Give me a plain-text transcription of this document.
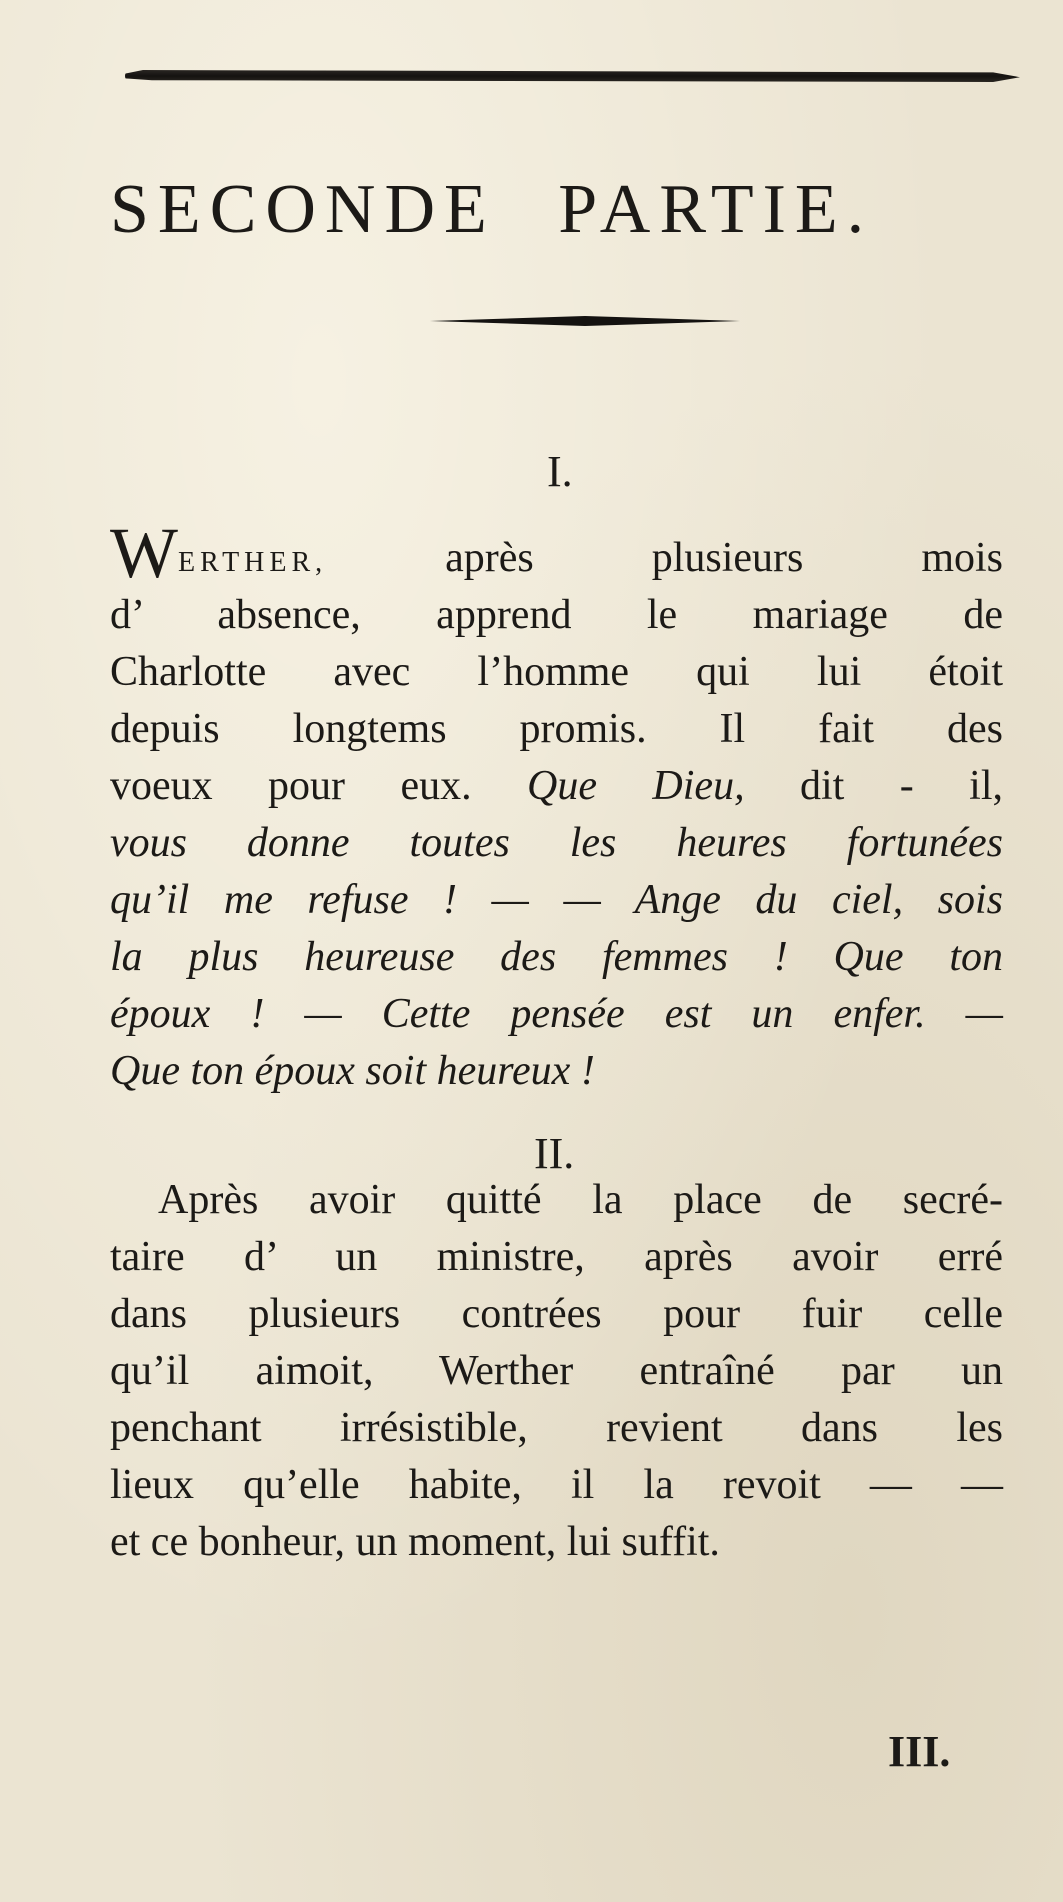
SECONDE PARTIE.
I.
WERTHER,	après plusieurs mois
d’ absence, apprend le mariage de
Charlotte avec l’homme qui lui étoit
depuis longtems promis. Il fait des
voeux pour eux. Que Dieu, dit - il,
vous donne toutes les heures fortunées
qu’il me refuse ! — — Ange du ciel, sois
la plus heureuse des femmes ! Que ton
époux ! — Cette pensée est un enfer. —
Que ton époux soit heureux !
II.
Après avoir quitté la place de secré-
taire d’ un ministre, après avoir erré
dans plusieurs contrées pour fuir celle
qu’il aimoit, Werther entraîné par un
penchant irrésistible, revient dans les
lieux qu’elle habite, il la revoit — —
et ce bonheur, un moment, lui suffit.
III.
